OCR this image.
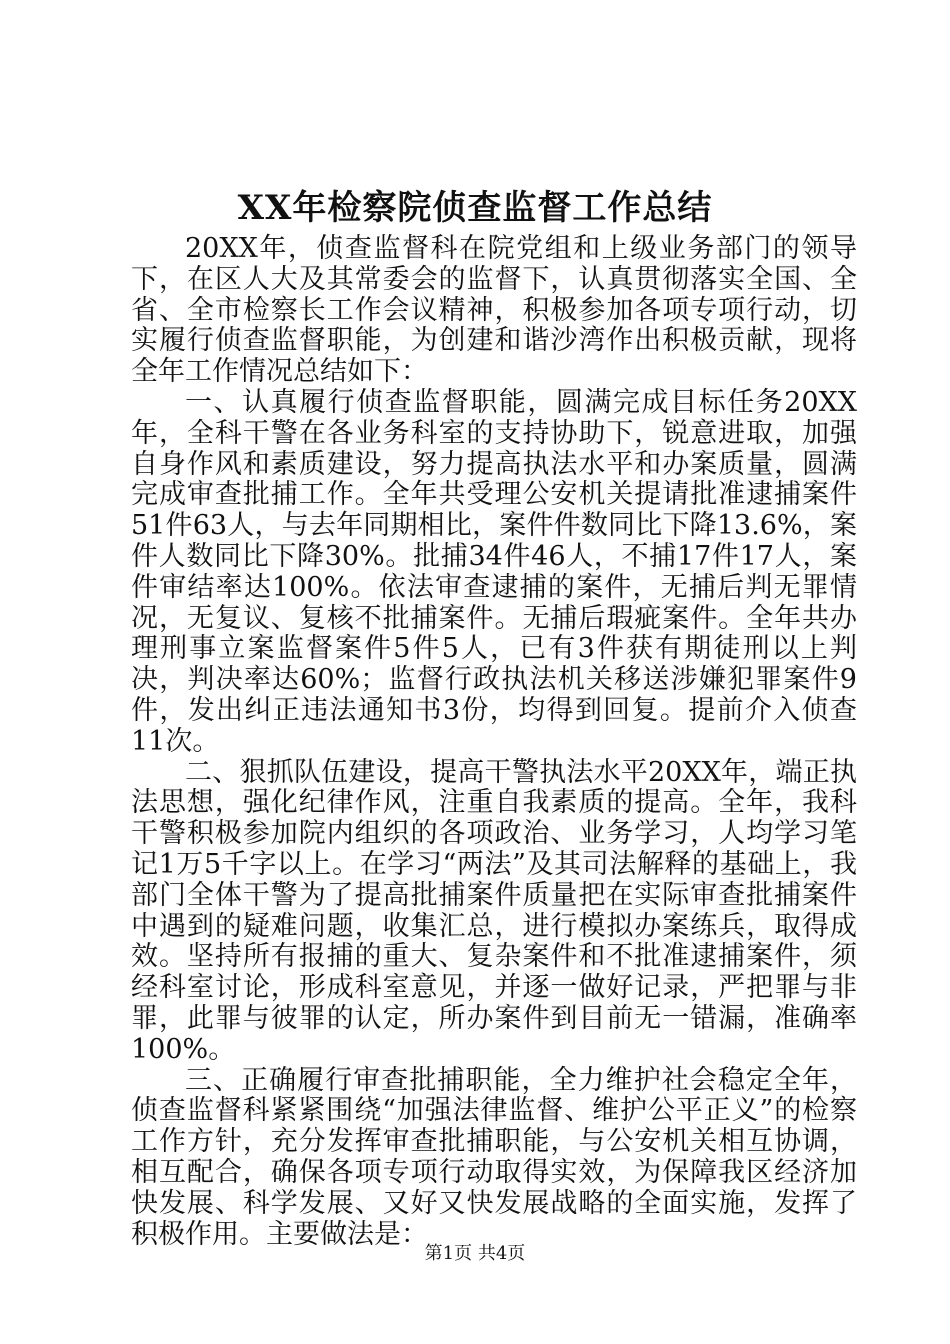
XX年检察院侦查监督工作总结

20XX年，侦查监督科在院党组和上级业务部门的领导下，在区人大及其常委会的监督下，认真贯彻落实全国、全省、全市检察长工作会议精神，积极参加各项专项行动，切实履行侦查监督职能，为创建和谐沙湾作出积极贡献，现将全年工作情况总结如下：

一、认真履行侦查监督职能，圆满完成目标任务20XX年，全科干警在各业务科室的支持协助下，锐意进取，加强自身作风和素质建设，努力提高执法水平和办案质量，圆满完成审查批捕工作。全年共受理公安机关提请批准逮捕案件51件63人，与去年同期相比，案件件数同比下降13.6%，案件人数同比下降30%。批捕34件46人，不捕17件17人，案件审结率达100%。依法审查逮捕的案件，无捕后判无罪情况，无复议、复核不批捕案件。无捕后瑕疵案件。全年共办理刑事立案监督案件5件5人，已有3件获有期徒刑以上判决，判决率达60%；监督行政执法机关移送涉嫌犯罪案件9件，发出纠正违法通知书3份，均得到回复。提前介入侦查11次。

二、狠抓队伍建设，提高干警执法水平20XX年，端正执法思想，强化纪律作风，注重自我素质的提高。全年，我科干警积极参加院内组织的各项政治、业务学习，人均学习笔记1万5千字以上。在学习“两法”及其司法解释的基础上，我部门全体干警为了提高批捕案件质量把在实际审查批捕案件中遇到的疑难问题，收集汇总，进行模拟办案练兵，取得成效。坚持所有报捕的重大、复杂案件和不批准逮捕案件，须经科室讨论，形成科室意见，并逐一做好记录，严把罪与非罪，此罪与彼罪的认定，所办案件到目前无一错漏，准确率100%。

三、正确履行审查批捕职能，全力维护社会稳定全年，侦查监督科紧紧围绕“加强法律监督、维护公平正义”的检察工作方针，充分发挥审查批捕职能，与公安机关相互协调，相互配合，确保各项专项行动取得实效，为保障我区经济加快发展、科学发展、又好又快发展战略的全面实施，发挥了积极作用。主要做法是：

第1页 共4页
